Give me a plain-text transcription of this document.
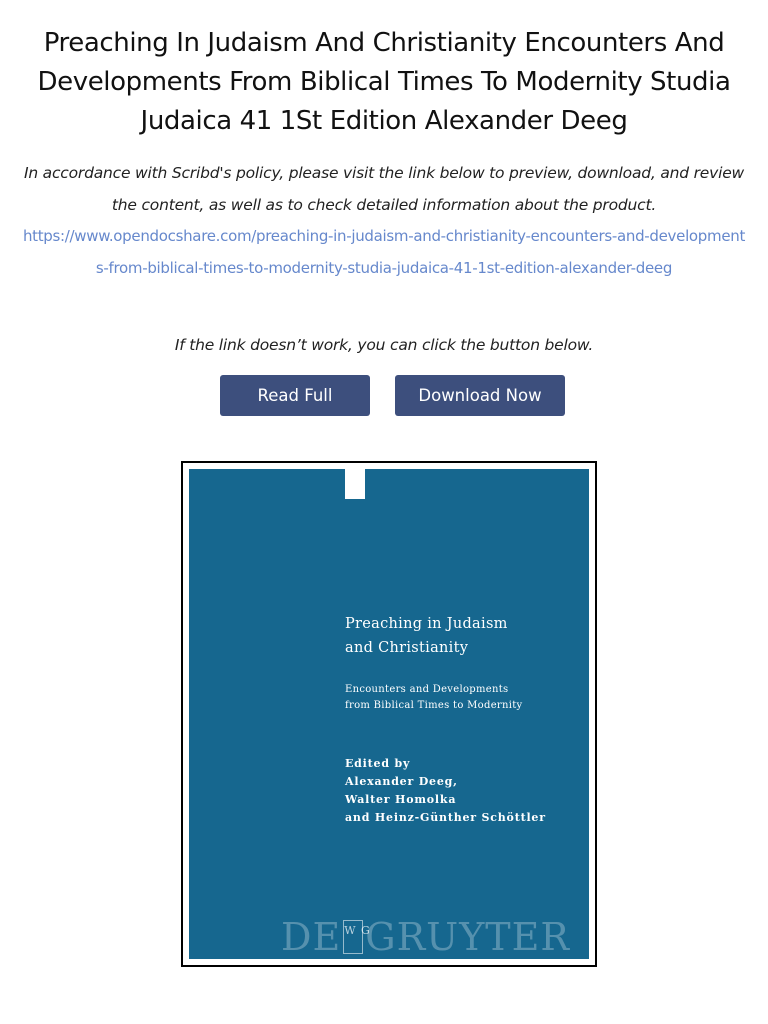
Preaching In Judaism And Christianity Encounters And Developments From Biblical Times To Modernity Studia Judaica 41 1St Edition Alexander Deeg
In accordance with Scribd's policy, please visit the link below to preview, download, and review the content, as well as to check detailed information about the product.
https://www.opendocshare.com/preaching-in-judaism-and-christianity-encounters-and-developments-from-biblical-times-to-modernity-studia-judaica-41-1st-edition-alexander-deeg
If the link doesn’t work, you can click the button below.
Read Full	Download Now
Preaching in Judaism
and Christianity
Encounters and Developments
from Biblical Times to Modernity
Edited by
Alexander Deeg,
Walter Homolka
and Heinz-Günther Schöttler
DE W G
GRUYTER
